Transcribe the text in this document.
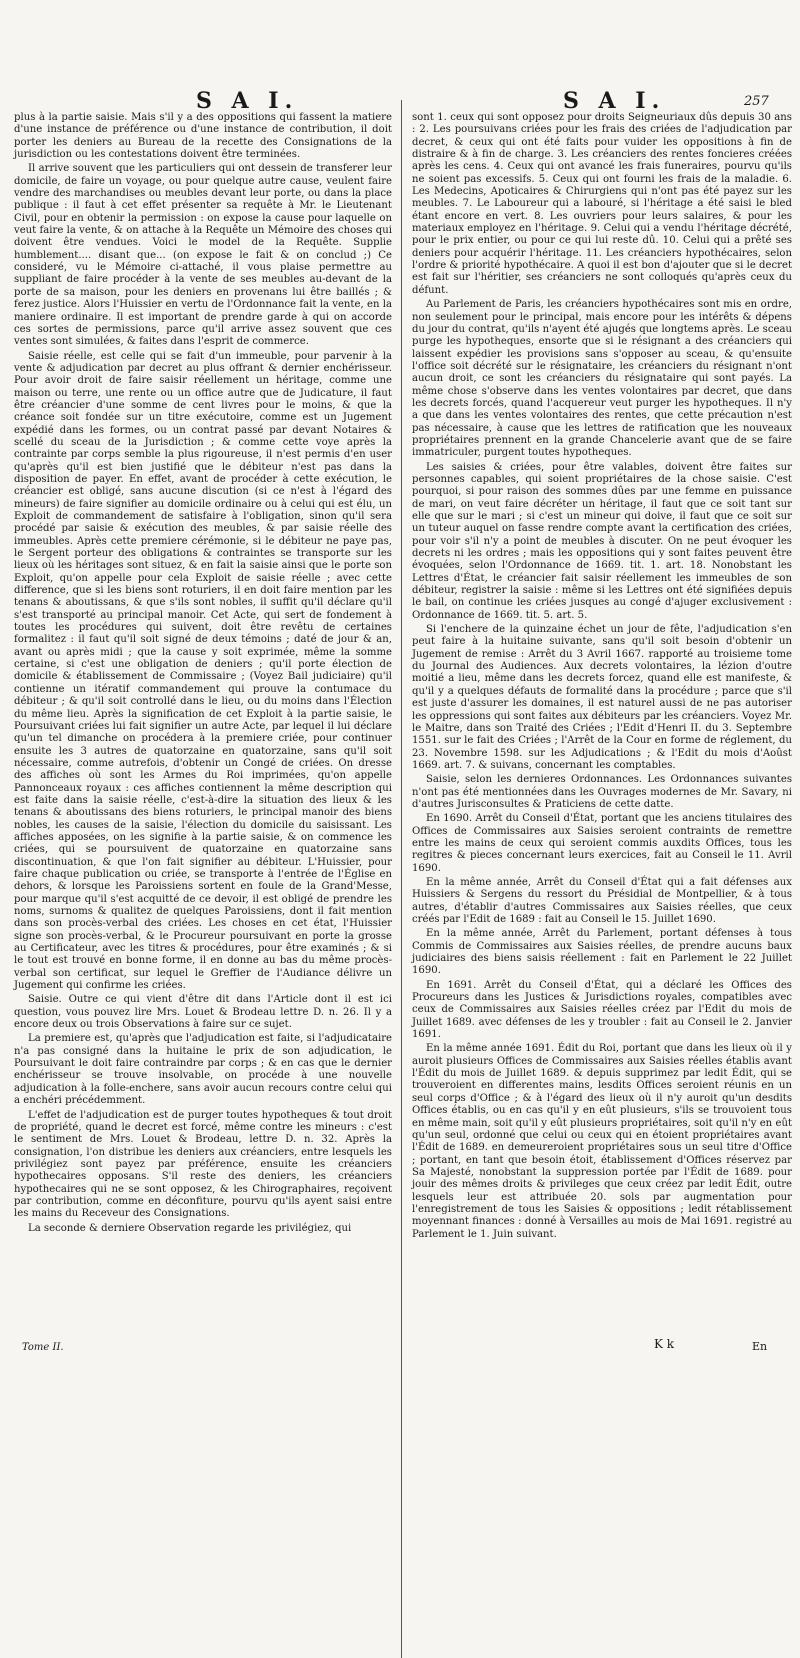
S A I.	S A I.	257

plus à la partie saisie. Mais s'il y a des oppositions qui fassent la matiere d'une instance de préférence ou d'une instance de contribution, il doit porter les deniers au Bureau de la recette des Consignations de la jurisdiction ou les contestations doivent être terminées.

Il arrive souvent que les particuliers qui ont dessein de transferer leur domicile, de faire un voyage, ou pour quelque autre cause, veulent faire vendre des marchandises ou meubles devant leur porte, ou dans la place publique : il faut à cet effet présenter sa requête à Mr. le Lieutenant Civil, pour en obtenir la permission : on expose la cause pour laquelle on veut faire la vente, & on attache à la Requête un Mémoire des choses qui doivent être vendues. Voici le model de la Requête. Supplie humblement.... disant que... (on expose le fait & on conclud ;) Ce consideré, vu le Mémoire ci-attaché, il vous plaise permettre au suppliant de faire procéder à la vente de ses meubles au-devant de la porte de sa maison, pour les deniers en provenans lui être baillés ; & ferez justice. Alors l'Huissier en vertu de l'Ordonnance fait la vente, en la maniere ordinaire. Il est important de prendre garde à qui on accorde ces sortes de permissions, parce qu'il arrive assez souvent que ces ventes sont simulées, & faites dans l'esprit de commerce.

Saisie réelle, est celle qui se fait d'un immeuble, pour parvenir à la vente & adjudication par decret au plus offrant & dernier enchérisseur. Pour avoir droit de faire saisir réellement un héritage, comme une maison ou terre, une rente ou un office autre que de Judicature, il faut être créancier d'une somme de cent livres pour le moins, & que la créance soit fondée sur un titre exécutoire, comme est un Jugement expédié dans les formes, ou un contrat passé par devant Notaires & scellé du sceau de la Jurisdiction ; & comme cette voye après la contrainte par corps semble la plus rigoureuse, il n'est permis d'en user qu'après qu'il est bien justifié que le débiteur n'est pas dans la disposition de payer. En effet, avant de procéder à cette exécution, le créancier est obligé, sans aucune discution (si ce n'est à l'égard des mineurs) de faire signifier au domicile ordinaire ou à celui qui est élu, un Exploit de commandement de satisfaire à l'obligation, sinon qu'il sera procédé par saisie & exécution des meubles, & par saisie réelle des immeubles. Après cette premiere cérémonie, si le débiteur ne paye pas, le Sergent porteur des obligations & contraintes se transporte sur les lieux où les héritages sont situez, & en fait la saisie ainsi que le porte son Exploit, qu'on appelle pour cela Exploit de saisie réelle ; avec cette difference, que si les biens sont roturiers, il en doit faire mention par les tenans & aboutissans, & que s'ils sont nobles, il suffit qu'il déclare qu'il s'est transporté au principal manoir. Cet Acte, qui sert de fondement à toutes les procédures qui suivent, doit être revêtu de certaines formalitez : il faut qu'il soit signé de deux témoins ; daté de jour & an, avant ou après midi ; que la cause y soit exprimée, même la somme certaine, si c'est une obligation de deniers ; qu'il porte élection de domicile & établissement de Commissaire ; (Voyez Bail judiciaire) qu'il contienne un itératif commandement qui prouve la contumace du débiteur ; & qu'il soit controllé dans le lieu, ou du moins dans l'Élection du même lieu. Après la signification de cet Exploit à la partie saisie, le Poursuivant criées lui fait signifier un autre Acte, par lequel il lui déclare qu'un tel dimanche on procédera à la premiere criée, pour continuer ensuite les 3 autres de quatorzaine en quatorzaine, sans qu'il soit nécessaire, comme autrefois, d'obtenir un Congé de criées. On dresse des affiches où sont les Armes du Roi imprimées, qu'on appelle Pannonceaux royaux : ces affiches contiennent la même description qui est faite dans la saisie réelle, c'est-à-dire la situation des lieux & les tenans & aboutissans des biens roturiers, le principal manoir des biens nobles, les causes de la saisie, l'élection du domicile du saisissant. Les affiches apposées, on les signifie à la partie saisie, & on commence les criées, qui se poursuivent de quatorzaine en quatorzaine sans discontinuation, & que l'on fait signifier au débiteur. L'Huissier, pour faire chaque publication ou criée, se transporte à l'entrée de l'Église en dehors, & lorsque les Paroissiens sortent en foule de la Grand'Messe, pour marque qu'il s'est acquitté de ce devoir, il est obligé de prendre les noms, surnoms & qualitez de quelques Paroissiens, dont il fait mention dans son procès-verbal des criées. Les choses en cet état, l'Huissier signe son procès-verbal, & le Procureur poursuivant en porte la grosse au Certificateur, avec les titres & procédures, pour être examinés ; & si le tout est trouvé en bonne forme, il en donne au bas du même procès-verbal son certificat, sur lequel le Greffier de l'Audiance délivre un Jugement qui confirme les criées.

Saisie. Outre ce qui vient d'être dit dans l'Article dont il est ici question, vous pouvez lire Mrs. Louet & Brodeau lettre D. n. 26. Il y a encore deux ou trois Observations à faire sur ce sujet.

La premiere est, qu'après que l'adjudication est faite, si l'adjudicataire n'a pas consigné dans la huitaine le prix de son adjudication, le Poursuivant le doit faire contraindre par corps ; & en cas que le dernier enchérisseur se trouve insolvable, on procéde à une nouvelle adjudication à la folle-enchere, sans avoir aucun recours contre celui qui a enchéri précédemment.

L'effet de l'adjudication est de purger toutes hypotheques & tout droit de propriété, quand le decret est forcé, même contre les mineurs : c'est le sentiment de Mrs. Louet & Brodeau, lettre D. n. 32. Après la consignation, l'on distribue les deniers aux créanciers, entre lesquels les privilégiez sont payez par préférence, ensuite les créanciers hypothecaires opposans. S'il reste des deniers, les créanciers hypothecaires qui ne se sont opposez, & les Chirographaires, reçoivent par contribution, comme en déconfiture, pourvu qu'ils ayent saisi entre les mains du Receveur des Consignations.

La seconde & derniere Observation regarde les privilégiez, qui

sont 1. ceux qui sont opposez pour droits Seigneuriaux dûs depuis 30 ans : 2. Les poursuivans criées pour les frais des criées de l'adjudication par decret, & ceux qui ont été faits pour vuider les oppositions à fin de distraire & à fin de charge. 3. Les créanciers des rentes foncieres créées après les cens. 4. Ceux qui ont avancé les frais funeraires, pourvu qu'ils ne soient pas excessifs. 5. Ceux qui ont fourni les frais de la maladie. 6. Les Medecins, Apoticaires & Chirurgiens qui n'ont pas été payez sur les meubles. 7. Le Laboureur qui a labouré, si l'héritage a été saisi le bled étant encore en vert. 8. Les ouvriers pour leurs salaires, & pour les materiaux employez en l'héritage. 9. Celui qui a vendu l'héritage décrété, pour le prix entier, ou pour ce qui lui reste dû. 10. Celui qui a prêté ses deniers pour acquérir l'héritage. 11. Les créanciers hypothécaires, selon l'ordre & priorité hypothécaire. A quoi il est bon d'ajouter que si le decret est fait sur l'héritier, ses créanciers ne sont colloqués qu'après ceux du défunt.

Au Parlement de Paris, les créanciers hypothécaires sont mis en ordre, non seulement pour le principal, mais encore pour les intérêts & dépens du jour du contrat, qu'ils n'ayent été ajugés que longtems après. Le sceau purge les hypotheques, ensorte que si le résignant a des créanciers qui laissent expédier les provisions sans s'opposer au sceau, & qu'ensuite l'office soit décrété sur le résignataire, les créanciers du résignant n'ont aucun droit, ce sont les créanciers du résignataire qui sont payés. La même chose s'observe dans les ventes volontaires par decret, que dans les decrets forcés, quand l'acquereur veut purger les hypotheques. Il n'y a que dans les ventes volontaires des rentes, que cette précaution n'est pas nécessaire, à cause que les lettres de ratification que les nouveaux propriétaires prennent en la grande Chancelerie avant que de se faire immatriculer, purgent toutes hypotheques.

Les saisies & criées, pour être valables, doivent être faites sur personnes capables, qui soient propriétaires de la chose saisie. C'est pourquoi, si pour raison des sommes dûes par une femme en puissance de mari, on veut faire décréter un héritage, il faut que ce soit tant sur elle que sur le mari ; si c'est un mineur qui doive, il faut que ce soit sur un tuteur auquel on fasse rendre compte avant la certification des criées, pour voir s'il n'y a point de meubles à discuter. On ne peut évoquer les decrets ni les ordres ; mais les oppositions qui y sont faites peuvent être évoquées, selon l'Ordonnance de 1669. tit. 1. art. 18. Nonobstant les Lettres d'État, le créancier fait saisir réellement les immeubles de son débiteur, registrer la saisie : même si les Lettres ont été signifiées depuis le bail, on continue les criées jusques au congé d'ajuger exclusivement : Ordonnance de 1669. tit. 5. art. 5.

Si l'enchere de la quinzaine échet un jour de fête, l'adjudication s'en peut faire à la huitaine suivante, sans qu'il soit besoin d'obtenir un Jugement de remise : Arrêt du 3 Avril 1667. rapporté au troisieme tome du Journal des Audiences. Aux decrets volontaires, la lézion d'outre moitié a lieu, même dans les decrets forcez, quand elle est manifeste, & qu'il y a quelques défauts de formalité dans la procédure ; parce que s'il est juste d'assurer les domaines, il est naturel aussi de ne pas autoriser les oppressions qui sont faites aux débiteurs par les créanciers. Voyez Mr. le Maitre, dans son Traité des Criées ; l'Edit d'Henri II. du 3. Septembre 1551. sur le fait des Criées ; l'Arrêt de la Cour en forme de réglement, du 23. Novembre 1598. sur les Adjudications ; & l'Edit du mois d'Aoûst 1669. art. 7. & suivans, concernant les comptables.

Saisie, selon les dernieres Ordonnances. Les Ordonnances suivantes n'ont pas été mentionnées dans les Ouvrages modernes de Mr. Savary, ni d'autres Jurisconsultes & Praticiens de cette datte.

En 1690. Arrêt du Conseil d'État, portant que les anciens titulaires des Offices de Commissaires aux Saisies seroient contraints de remettre entre les mains de ceux qui seroient commis auxdits Offices, tous les regitres & pieces concernant leurs exercices, fait au Conseil le 11. Avril 1690.

En la même année, Arrêt du Conseil d'État qui a fait défenses aux Huissiers & Sergens du ressort du Présidial de Montpellier, & à tous autres, d'établir d'autres Commissaires aux Saisies réelles, que ceux créés par l'Edit de 1689 : fait au Conseil le 15. Juillet 1690.

En la même année, Arrêt du Parlement, portant défenses à tous Commis de Commissaires aux Saisies réelles, de prendre aucuns baux judiciaires des biens saisis réellement : fait en Parlement le 22 Juillet 1690.

En 1691. Arrêt du Conseil d'État, qui a déclaré les Offices des Procureurs dans les Justices & Jurisdictions royales, compatibles avec ceux de Commissaires aux Saisies réelles créez par l'Edit du mois de Juillet 1689. avec défenses de les y troubler : fait au Conseil le 2. Janvier 1691.

En la même année 1691. Édit du Roi, portant que dans les lieux où il y auroit plusieurs Offices de Commissaires aux Saisies réelles établis avant l'Édit du mois de Juillet 1689. & depuis supprimez par ledit Édit, qui se trouveroient en differentes mains, lesdits Offices seroient réunis en un seul corps d'Office ; & à l'égard des lieux où il n'y auroit qu'un desdits Offices établis, ou en cas qu'il y en eût plusieurs, s'ils se trouvoient tous en même main, soit qu'il y eût plusieurs propriétaires, soit qu'il n'y en eût qu'un seul, ordonné que celui ou ceux qui en étoient propriétaires avant l'Édit de 1689. en demeureroient propriétaires sous un seul titre d'Office ; portant, en tant que besoin étoit, établissement d'Offices réservez par Sa Majesté, nonobstant la suppression portée par l'Édit de 1689. pour jouir des mêmes droits & privileges que ceux créez par ledit Édit, outre lesquels leur est attribuée 20. sols par augmentation pour l'enregistrement de tous les Saisies & oppositions ; ledit rétablissement moyennant finances : donné à Versailles au mois de Mai 1691. registré au Parlement le 1. Juin suivant.

Tome II.	K k	En
